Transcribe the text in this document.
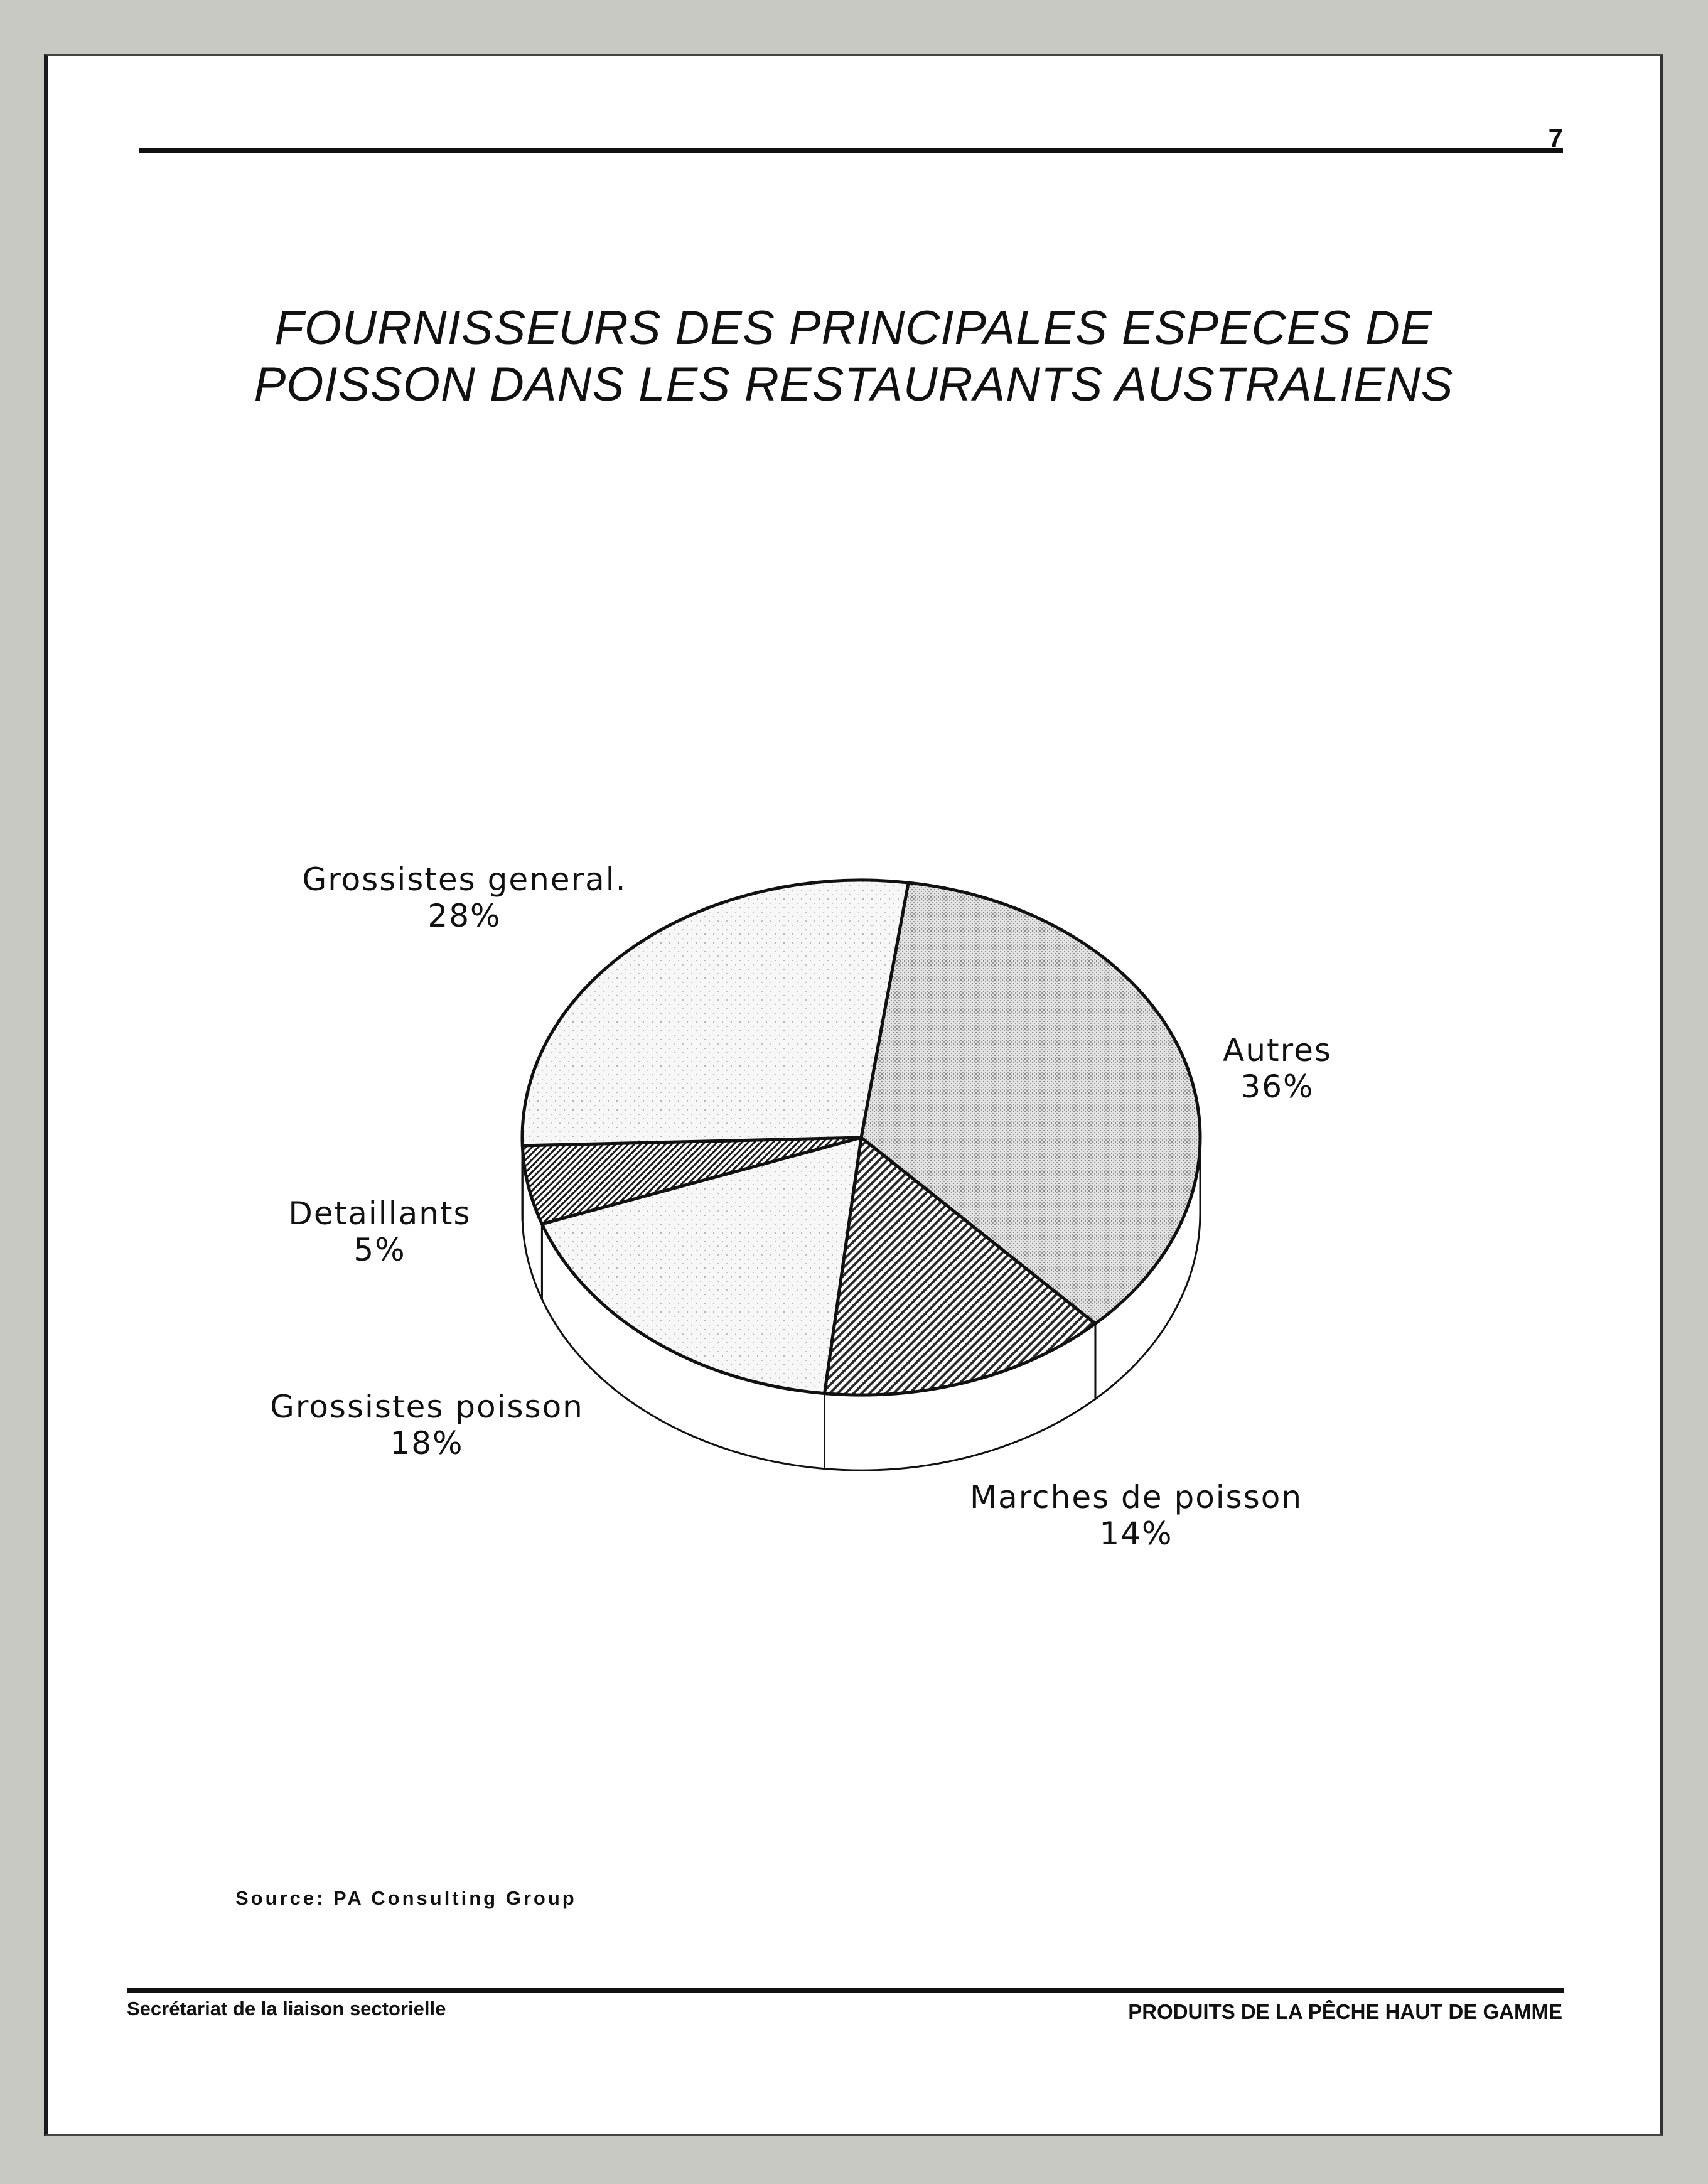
7
FOURNISSEURS DES PRINCIPALES ESPECES DE
POISSON DANS LES RESTAURANTS AUSTRALIENS
Autres
36%
Marches de poisson
14%
Grossistes poisson
18%
Detaillants
5%
Grossistes general.
28%
Source: PA Consulting Group
Secrétariat de la liaison sectorielle	PRODUITS DE LA PÊCHE HAUT DE GAMME
